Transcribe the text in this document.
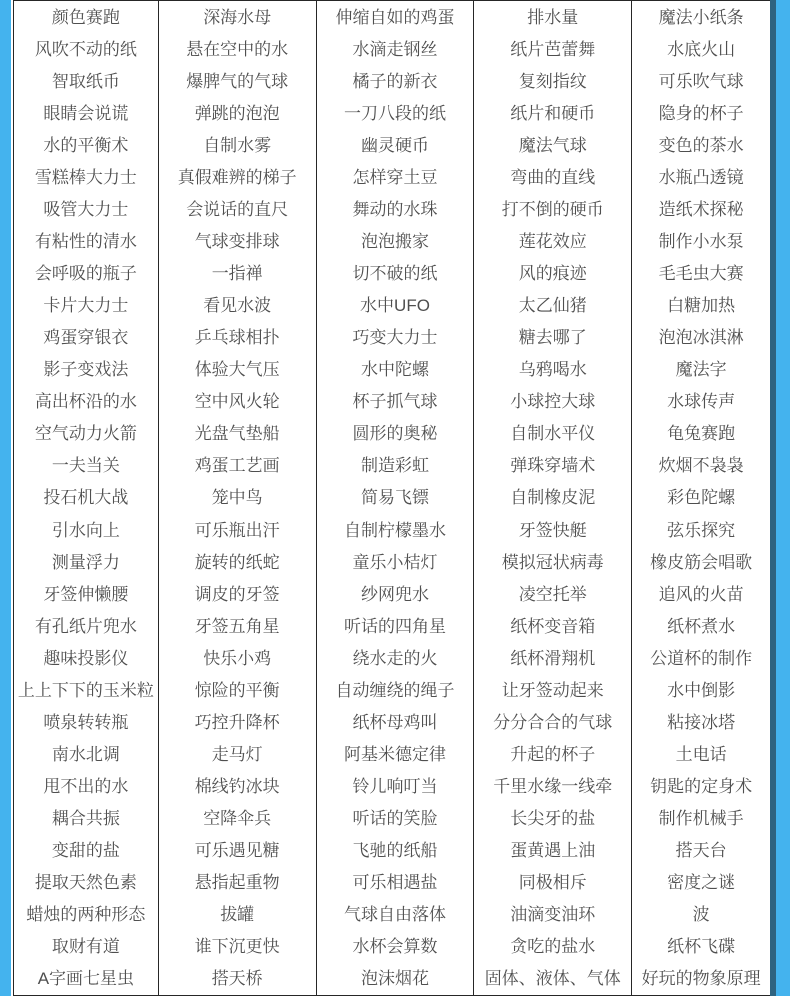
颜色赛跑
风吹不动的纸
智取纸币
眼睛会说谎
水的平衡术
雪糕棒大力士
吸管大力士
有粘性的清水
会呼吸的瓶子
卡片大力士
鸡蛋穿银衣
影子变戏法
高出杯沿的水
空气动力火箭
一夫当关
投石机大战
引水向上
测量浮力
牙签伸懒腰
有孔纸片兜水
趣味投影仪
上上下下的玉米粒
喷泉转转瓶
南水北调
甩不出的水
耦合共振
变甜的盐
提取天然色素
蜡烛的两种形态
取财有道
A字画七星虫
深海水母
悬在空中的水
爆脾气的气球
弹跳的泡泡
自制水雾
真假难辨的梯子
会说话的直尺
气球变排球
一指禅
看见水波
乒乓球相扑
体验大气压
空中风火轮
光盘气垫船
鸡蛋工艺画
笼中鸟
可乐瓶出汗
旋转的纸蛇
调皮的牙签
牙签五角星
快乐小鸡
惊险的平衡
巧控升降杯
走马灯
棉线钓冰块
空降伞兵
可乐遇见糖
悬指起重物
拔罐
谁下沉更快
搭天桥
伸缩自如的鸡蛋
水滴走钢丝
橘子的新衣
一刀八段的纸
幽灵硬币
怎样穿土豆
舞动的水珠
泡泡搬家
切不破的纸
水中UFO
巧变大力士
水中陀螺
杯子抓气球
圆形的奥秘
制造彩虹
简易飞镖
自制柠檬墨水
童乐小桔灯
纱网兜水
听话的四角星
绕水走的火
自动缠绕的绳子
纸杯母鸡叫
阿基米德定律
铃儿响叮当
听话的笑脸
飞驰的纸船
可乐相遇盐
气球自由落体
水杯会算数
泡沫烟花
排水量
纸片芭蕾舞
复刻指纹
纸片和硬币
魔法气球
弯曲的直线
打不倒的硬币
莲花效应
风的痕迹
太乙仙猪
糖去哪了
乌鸦喝水
小球控大球
自制水平仪
弹珠穿墙术
自制橡皮泥
牙签快艇
模拟冠状病毒
凌空托举
纸杯变音箱
纸杯滑翔机
让牙签动起来
分分合合的气球
升起的杯子
千里水缘一线牵
长尖牙的盐
蛋黄遇上油
同极相斥
油滴变油环
贪吃的盐水
固体、液体、气体
魔法小纸条
水底火山
可乐吹气球
隐身的杯子
变色的茶水
水瓶凸透镜
造纸术探秘
制作小水泵
毛毛虫大赛
白糖加热
泡泡冰淇淋
魔法字
水球传声
龟兔赛跑
炊烟不袅袅
彩色陀螺
弦乐探究
橡皮筋会唱歌
追风的火苗
纸杯煮水
公道杯的制作
水中倒影
粘接冰塔
土电话
钥匙的定身术
制作机械手
搭天台
密度之谜
波
纸杯飞碟
好玩的物象原理
